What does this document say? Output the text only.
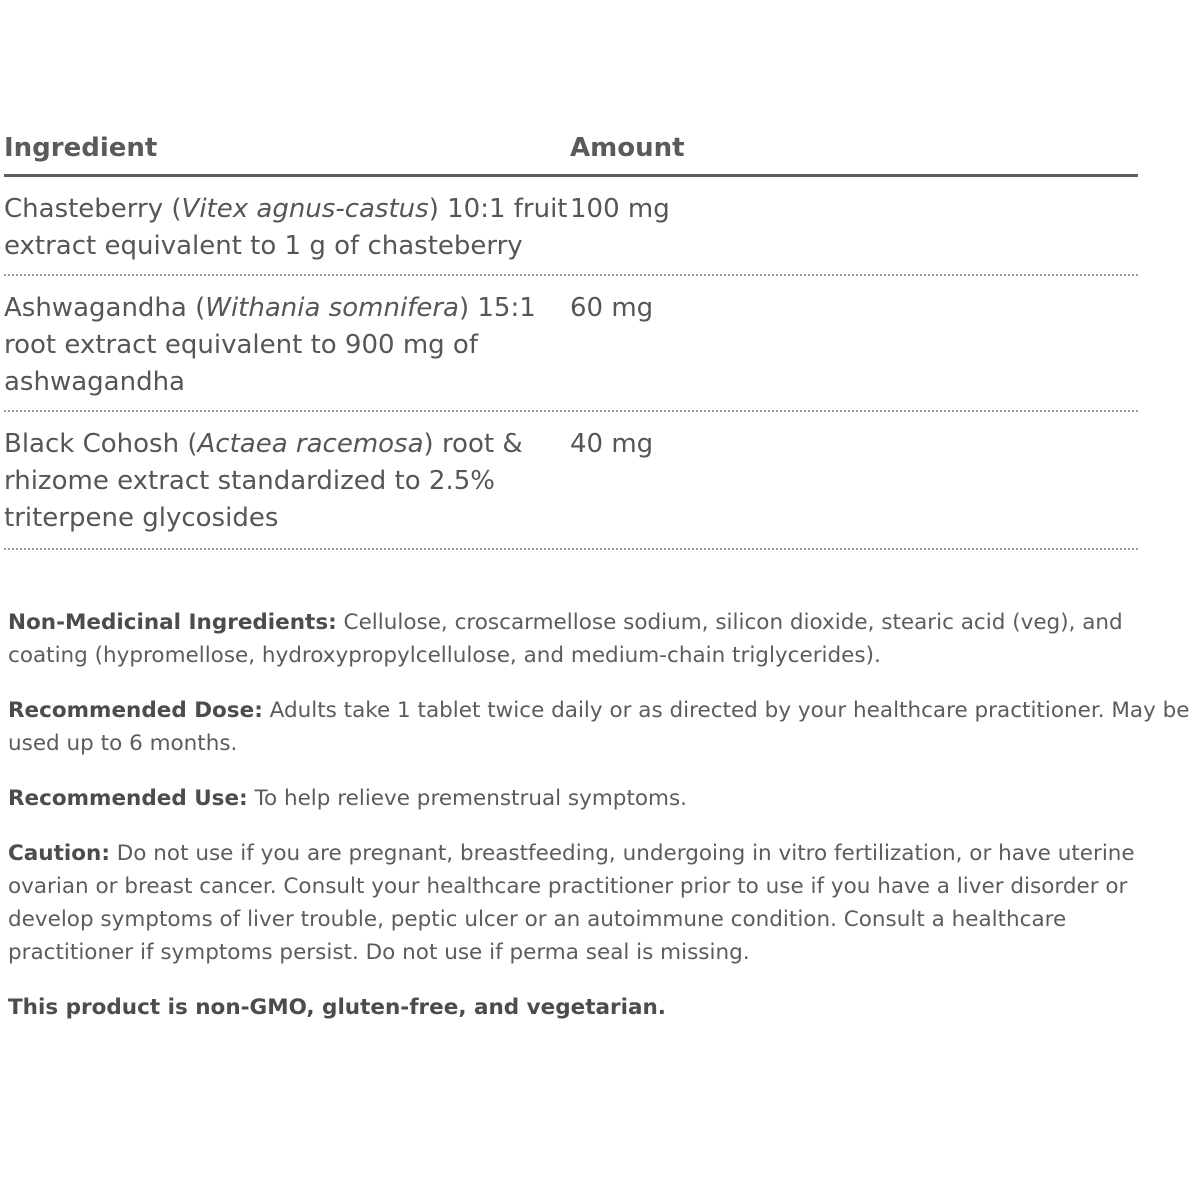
Ingredient	Amount
Chasteberry (Vitex agnus-castus) 10:1 fruit extract equivalent to 1 g of chasteberry
100 mg
Ashwagandha (Withania somnifera) 15:1 root extract equivalent to 900 mg of ashwagandha
60 mg
Black Cohosh (Actaea racemosa) root & rhizome extract standardized to 2.5% triterpene glycosides
40 mg

Non-Medicinal Ingredients: Cellulose, croscarmellose sodium, silicon dioxide, stearic acid (veg), and coating (hypromellose, hydroxypropylcellulose, and medium-chain triglycerides).

Recommended Dose: Adults take 1 tablet twice daily or as directed by your healthcare practitioner. May be used up to 6 months.

Recommended Use: To help relieve premenstrual symptoms.

Caution: Do not use if you are pregnant, breastfeeding, undergoing in vitro fertilization, or have uterine ovarian or breast cancer. Consult your healthcare practitioner prior to use if you have a liver disorder or develop symptoms of liver trouble, peptic ulcer or an autoimmune condition. Consult a healthcare practitioner if symptoms persist. Do not use if perma seal is missing.

This product is non-GMO, gluten-free, and vegetarian.
